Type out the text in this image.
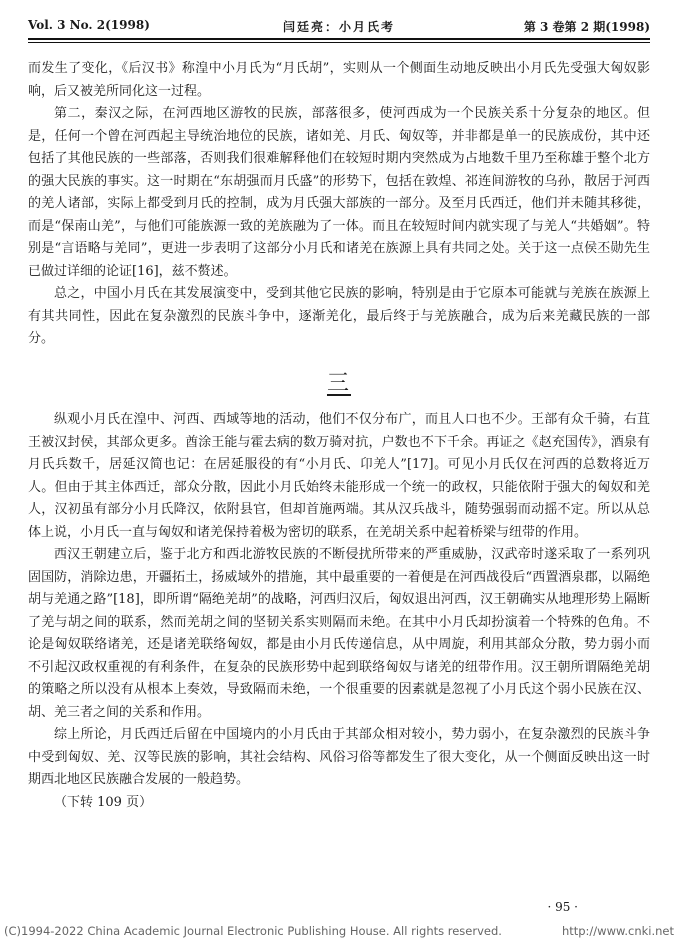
Vol. 3 No. 2(1998)	闫廷亮：小月氏考	第 3 卷第 2 期(1998)

而发生了变化，《后汉书》称湟中小月氏为“月氏胡”，实则从一个侧面生动地反映出小月氏先受强大匈奴影响，后又被羌所同化这一过程。

第二，秦汉之际，在河西地区游牧的民族，部落很多，使河西成为一个民族关系十分复杂的地区。但是，任何一个曾在河西起主导统治地位的民族，诸如羌、月氏、匈奴等，并非都是单一的民族成份，其中还包括了其他民族的一些部落，否则我们很难解释他们在较短时期内突然成为占地数千里乃至称雄于整个北方的强大民族的事实。这一时期在“东胡强而月氏盛”的形势下，包括在敦煌、祁连间游牧的乌孙，散居于河西的羌人诸部，实际上都受到月氏的控制，成为月氏强大部族的一部分。及至月氏西迁，他们并未随其移徙，而是“保南山羌”，与他们可能族源一致的羌族融为了一体。而且在较短时间内就实现了与羌人“共婚姻”。特别是“言语略与羌同”，更进一步表明了这部分小月氏和诸羌在族源上具有共同之处。关于这一点侯丕勋先生已做过详细的论证[16]，兹不赘述。

总之，中国小月氏在其发展演变中，受到其他它民族的影响，特别是由于它原本可能就与羌族在族源上有其共同性，因此在复杂激烈的民族斗争中，逐渐羌化，最后终于与羌族融合，成为后来羌藏民族的一部分。

三

纵观小月氏在湟中、河西、西域等地的活动，他们不仅分布广，而且人口也不少。王部有众千骑，右苴王被汉封侯，其部众更多。酋涂王能与霍去病的数万骑对抗，户数也不下千余。再证之《赵充国传》，酒泉有月氏兵数千，居延汉简也记：在居延服役的有“小月氏、卬羌人”[17]。可见小月氏仅在河西的总数将近万人。但由于其主体西迁，部众分散，因此小月氏始终未能形成一个统一的政权，只能依附于强大的匈奴和羌人，汉初虽有部分小月氏降汉，依附县官，但却首施两端。其从汉兵战斗，随势强弱而动摇不定。所以从总体上说，小月氏一直与匈奴和诸羌保持着极为密切的联系，在羌胡关系中起着桥梁与纽带的作用。

西汉王朝建立后，鉴于北方和西北游牧民族的不断侵扰所带来的严重威胁，汉武帝时遂采取了一系列巩固国防，消除边患，开疆拓土，扬威域外的措施，其中最重要的一着便是在河西战役后“西置酒泉郡，以隔绝胡与羌通之路”[18]，即所谓“隔绝羌胡”的战略，河西归汉后，匈奴退出河西，汉王朝确实从地理形势上隔断了羌与胡之间的联系，然而羌胡之间的坚韧关系实则隔而未绝。在其中小月氏却扮演着一个特殊的色角。不论是匈奴联络诸羌，还是诸羌联络匈奴，都是由小月氏传递信息，从中周旋，利用其部众分散，势力弱小而不引起汉政权重视的有利条件，在复杂的民族形势中起到联络匈奴与诸羌的纽带作用。汉王朝所谓隔绝羌胡的策略之所以没有从根本上奏效，导致隔而未绝，一个很重要的因素就是忽视了小月氏这个弱小民族在汉、胡、羌三者之间的关系和作用。

综上所论，月氏西迁后留在中国境内的小月氏由于其部众相对较小，势力弱小，在复杂激烈的民族斗争中受到匈奴、羌、汉等民族的影响，其社会结构、风俗习俗等都发生了很大变化，从一个侧面反映出这一时期西北地区民族融合发展的一般趋势。

（下转 109 页）

· 95 ·
(C)1994-2022 China Academic Journal Electronic Publishing House. All rights reserved.	http://www.cnki.net
